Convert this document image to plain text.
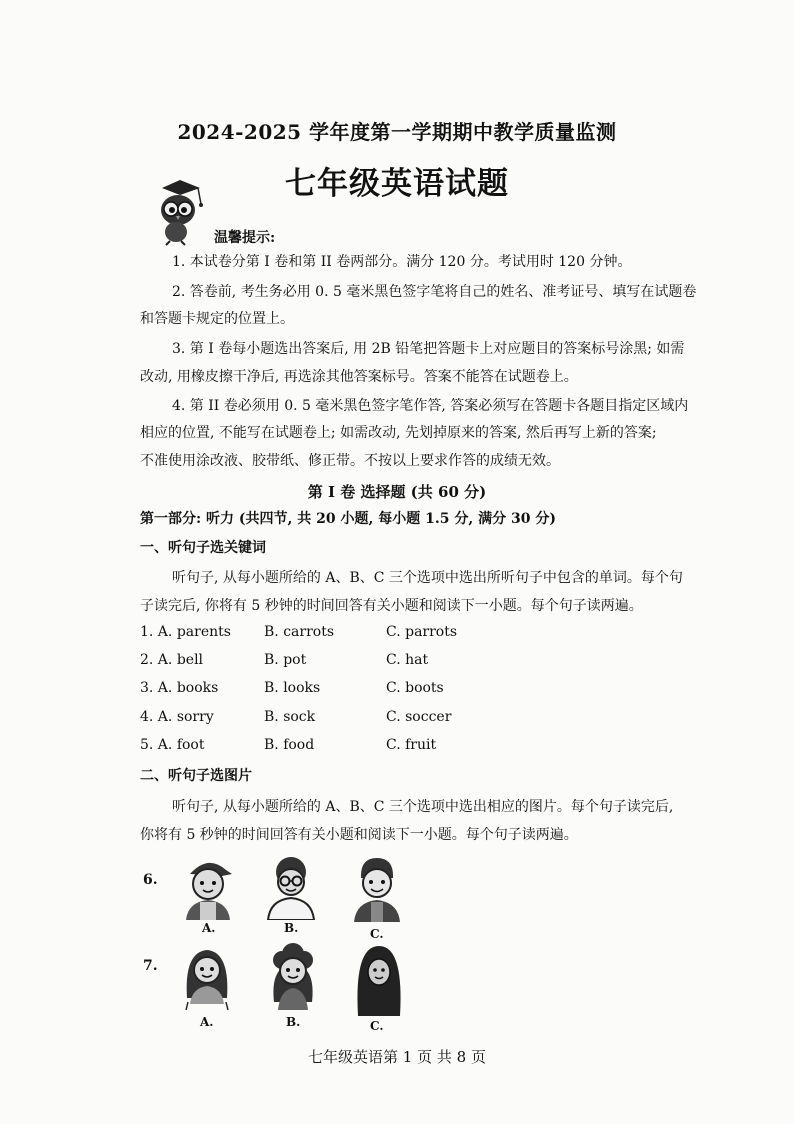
2024-2025 学年度第一学期期中教学质量监测
七年级英语试题
温馨提示:
1. 本试卷分第 I 卷和第 II 卷两部分。满分 120 分。考试用时 120 分钟。
2. 答卷前, 考生务必用 0. 5 毫米黑色签字笔将自己的姓名、准考证号、填写在试题卷
和答题卡规定的位置上。
3. 第 I 卷每小题选出答案后, 用 2B 铅笔把答题卡上对应题目的答案标号涂黑; 如需
改动, 用橡皮擦干净后, 再选涂其他答案标号。答案不能答在试题卷上。
4. 第 II 卷必须用 0. 5 毫米黑色签字笔作答, 答案必须写在答题卡各题目指定区域内
相应的位置, 不能写在试题卷上; 如需改动, 先划掉原来的答案, 然后再写上新的答案;
不准使用涂改液、胶带纸、修正带。不按以上要求作答的成绩无效。
第 I 卷 选择题 (共 60 分)
第一部分: 听力 (共四节, 共 20 小题, 每小题 1.5 分, 满分 30 分)
一、听句子选关键词
听句子, 从每小题所给的 A、B、C 三个选项中选出所听句子中包含的单词。每个句
子读完后, 你将有 5 秒钟的时间回答有关小题和阅读下一小题。每个句子读两遍。
1. A. parents B. carrots	C. parrots
2. A. bell	B. pot	C. hat
3. A. books	B. looks	C. boots
4. A. sorry	B. sock	C. soccer
5. A. foot	B. food	C. fruit
二、听句子选图片
听句子, 从每小题所给的 A、B、C 三个选项中选出相应的图片。每个句子读完后,
你将有 5 秒钟的时间回答有关小题和阅读下一小题。每个句子读两遍。
6.
A.	B.	C.
7.
A.	B.	C.
七年级英语第 1 页 共 8 页
